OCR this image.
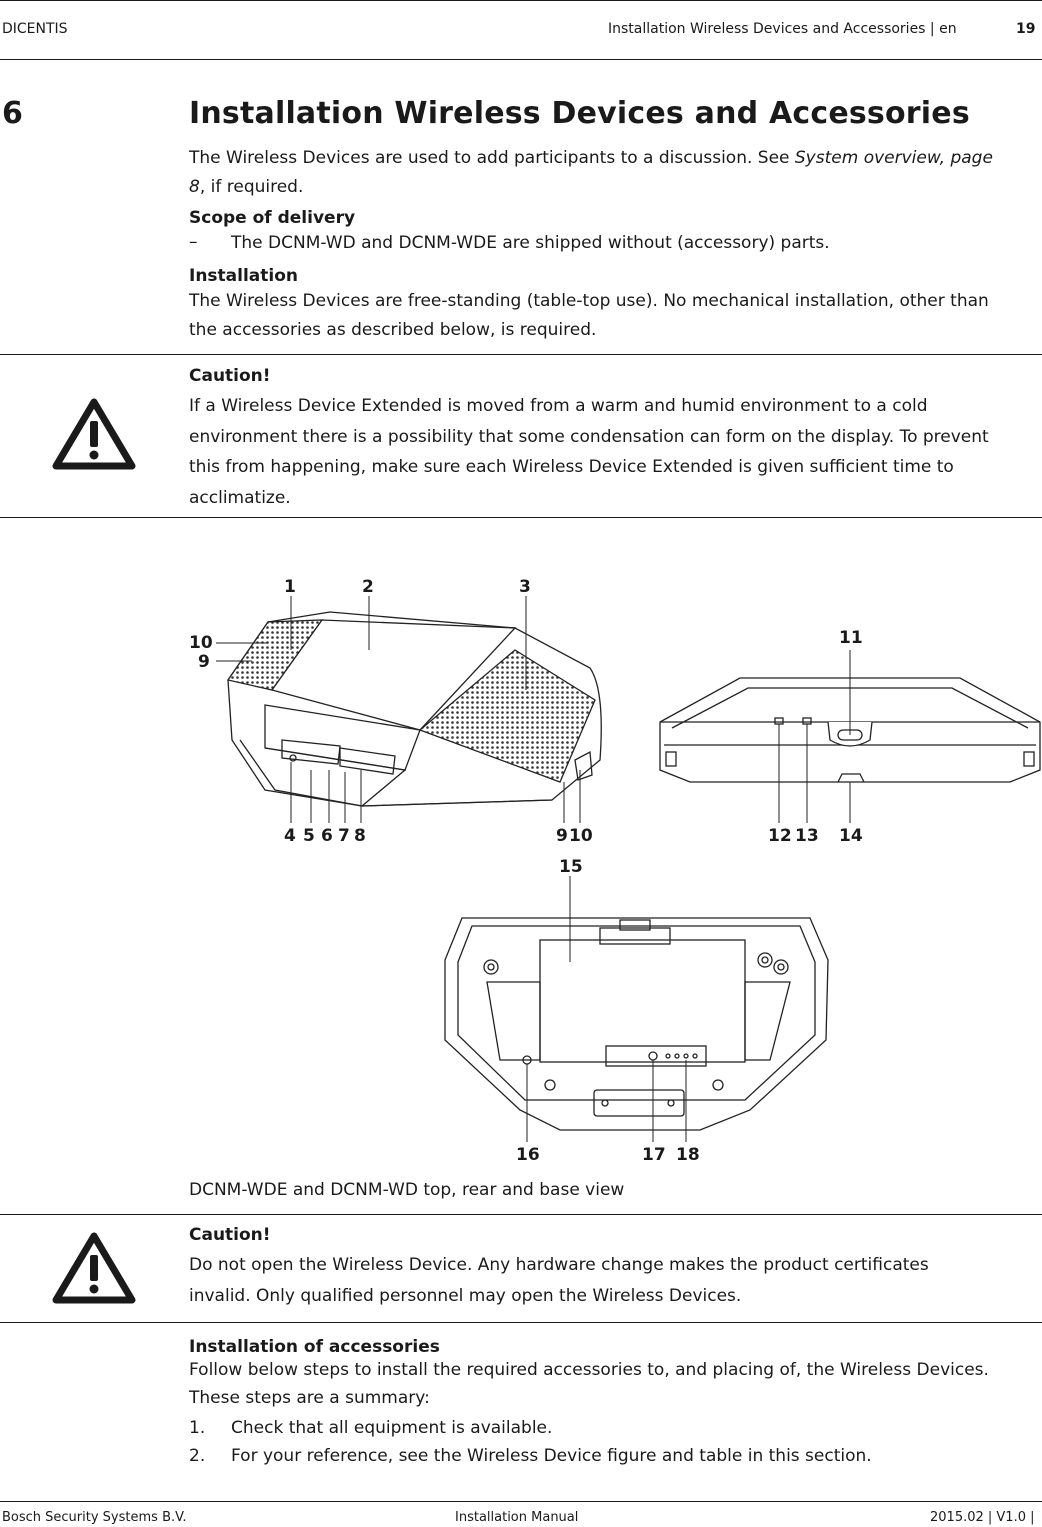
DICENTIS	Installation Wireless Devices and Accessories | en	19
6	Installation Wireless Devices and Accessories
The Wireless Devices are used to add participants to a discussion. See System overview, page
8, if required.
Scope of delivery
– The DCNM-WD and DCNM-WDE are shipped without (accessory) parts.
Installation
The Wireless Devices are free-standing (table-top use). No mechanical installation, other than
the accessories as described below, is required.
Caution!
If a Wireless Device Extended is moved from a warm and humid environment to a cold
environment there is a possibility that some condensation can form on the display. To prevent
this from happening, make sure each Wireless Device Extended is given sufficient time to
acclimatize.
1	2	3
10
9
4 5 6 7 8	9 10
11
12 13 14
15
16	17 18
DCNM-WDE and DCNM-WD top, rear and base view
Caution!
Do not open the Wireless Device. Any hardware change makes the product certificates
invalid. Only qualified personnel may open the Wireless Devices.
Installation of accessories
Follow below steps to install the required accessories to, and placing of, the Wireless Devices.
These steps are a summary:
1.	Check that all equipment is available.
2.	For your reference, see the Wireless Device figure and table in this section.
Bosch Security Systems B.V.	Installation Manual	2015.02 | V1.0 |
